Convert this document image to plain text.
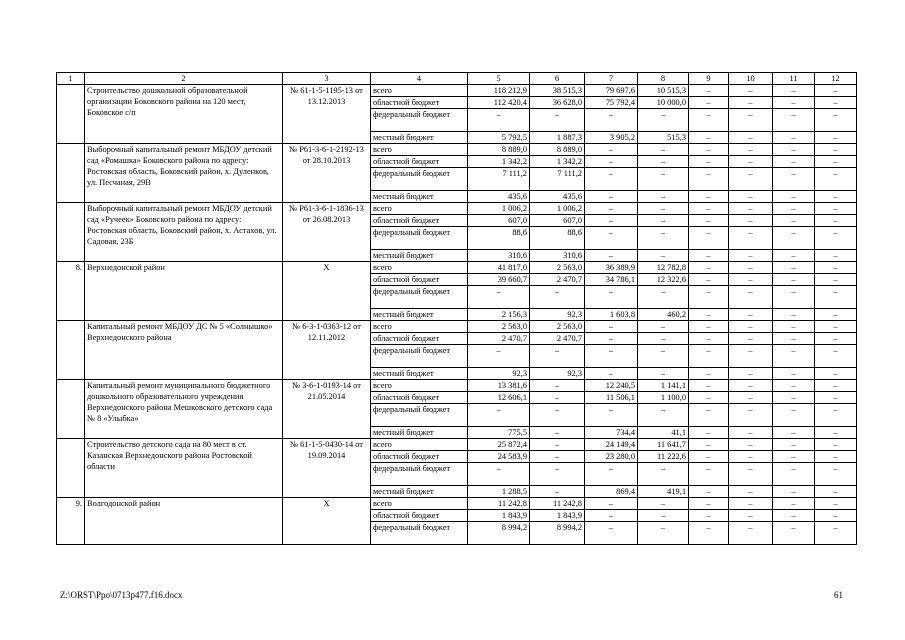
1	2	3	4	5	6	7	8	9	10	11	12
	Строительство дошкольной образовательной организации Боковского района на 120 мест, Боковское с/п	№ 61-1-5-1195-13 от 13.12.2013	всего	118 212,9	38 515,3	79 697,6	10 515,3	–	–	–	–
			областной бюджет	112 420,4	36 628,0	75 792,4	10 000,0	–	–	–	–
			федеральный бюджет	–	–	–	–	–	–	–	–
			местный бюджет	5 792,5	1 887,3	3 905,2	515,3	–	–	–	–
	Выборочный капитальный ремонт МБДОУ детский сад «Ромашка» Боковского района по адресу: Ростовская область, Боковский район, х. Дуленков, ул. Песчаная, 29В	№ Р61-3-6-1-2192-13 от 28.10.2013	всего	8 889,0	8 889,0	–	–	–	–	–	–
			областной бюджет	1 342,2	1 342,2	–	–	–	–	–	–
			федеральный бюджет	7 111,2	7 111,2	–	–	–	–	–	–
			местный бюджет	435,6	435,6	–	–	–	–	–	–
	Выборочный капитальный ремонт МБДОУ детский сад «Ручеек» Боковского района по адресу: Ростовская область, Боковский район, х. Астахов, ул. Садовая, 23Б	№ Р61-3-6-1-1836-13 от 26.08.2013	всего	1 006,2	1 006,2	–	–	–	–	–	–
			областной бюджет	607,0	607,0	–	–	–	–	–	–
			федеральный бюджет	88,6	88,6	–	–	–	–	–	–
			местный бюджет	310,6	310,6	–	–	–	–	–	–
8.	Верхнедонской район	Х	всего	41 817,0	2 563,0	36 389,9	12 782,8	–	–	–	–
			областной бюджет	39 660,7	2 470,7	34 786,1	12 322,6	–	–	–	–
			федеральный бюджет	–	–	–	–	–	–	–	–
			местный бюджет	2 156,3	92,3	1 603,8	460,2	–	–	–	–
	Капитальный ремонт МБДОУ ДС № 5 «Солнышко» Верхнедонского района	№ 6-3-1-0363-12 от 12.11.2012	всего	2 563,0	2 563,0	–	–	–	–	–	–
			областной бюджет	2 470,7	2 470,7	–	–	–	–	–	–
			федеральный бюджет	–	–	–	–	–	–	–	–
			местный бюджет	92,3	92,3	–	–	–	–	–	–
	Капитальный ремонт муниципального бюджетного дошкольного образовательного учреждения Верхнедонского района Мешковского детского сада № 8 «Улыбка»	№ 3-6-1-0193-14 от 21.05.2014	всего	13 381,6	–	12 240,5	1 141,1	–	–	–	–
			областной бюджет	12 606,1	–	11 506,1	1 100,0	–	–	–	–
			федеральный бюджет	–	–	–	–	–	–	–	–
			местный бюджет	775,5	–	734,4	41,1	–	–	–	–
	Строительство детского сада на 80 мест в ст. Казанская Верхнедонского района Ростовской области	№ 61-1-5-0430-14 от 19.09.2014	всего	25 872,4	–	24 149,4	11 641,7	–	–	–	–
			областной бюджет	24 583,9	–	23 280,0	11 222,6	–	–	–	–
			федеральный бюджет	–	–	–	–	–	–	–	–
			местный бюджет	1 288,5	–	869,4	419,1	–	–	–	–
9.	Волгодонской район	Х	всего	11 242,8	11 242,8	–	–	–	–	–	–
			областной бюджет	1 843,9	1 843,9	–	–	–	–	–	–
			федеральный бюджет	8 994,2	8 994,2	–	–	–	–	–	–
Z:\ORST\Ppo\0713p477.f16.docx	61
